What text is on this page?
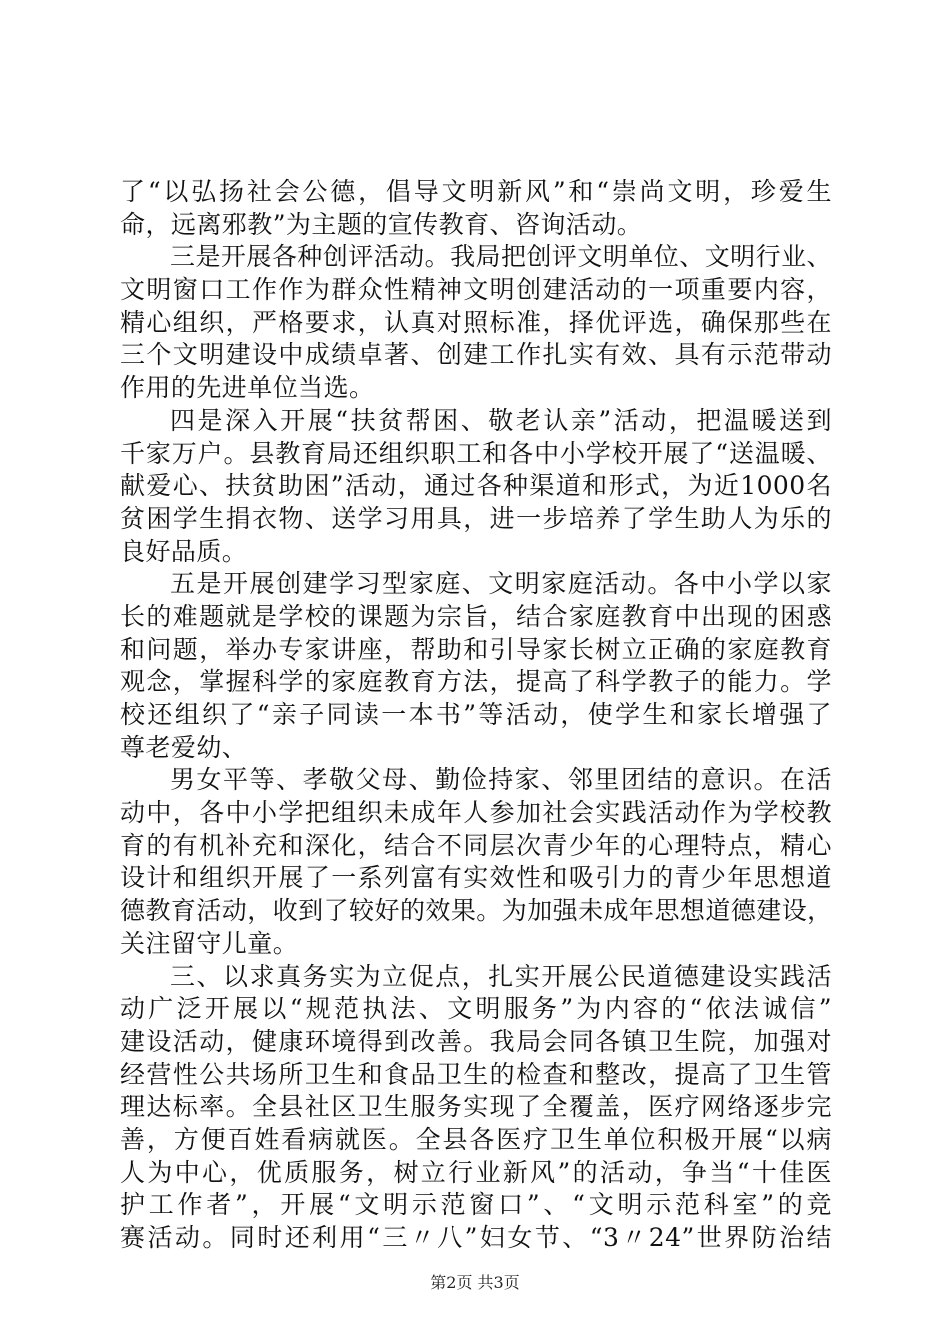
了“以弘扬社会公德，倡导文明新风”和“崇尚文明，珍爱生
命，远离邪教”为主题的宣传教育、咨询活动。
三是开展各种创评活动。我局把创评文明单位、文明行业、
文明窗口工作作为群众性精神文明创建活动的一项重要内容，
精心组织，严格要求，认真对照标准，择优评选，确保那些在
三个文明建设中成绩卓著、创建工作扎实有效、具有示范带动
作用的先进单位当选。
四是深入开展“扶贫帮困、敬老认亲”活动，把温暖送到
千家万户。县教育局还组织职工和各中小学校开展了“送温暖、
献爱心、扶贫助困”活动，通过各种渠道和形式，为近1000名
贫困学生捐衣物、送学习用具，进一步培养了学生助人为乐的
良好品质。
五是开展创建学习型家庭、文明家庭活动。各中小学以家
长的难题就是学校的课题为宗旨，结合家庭教育中出现的困惑
和问题，举办专家讲座，帮助和引导家长树立正确的家庭教育
观念，掌握科学的家庭教育方法，提高了科学教子的能力。学
校还组织了“亲子同读一本书”等活动，使学生和家长增强了
尊老爱幼、
男女平等、孝敬父母、勤俭持家、邻里团结的意识。在活
动中，各中小学把组织未成年人参加社会实践活动作为学校教
育的有机补充和深化，结合不同层次青少年的心理特点，精心
设计和组织开展了一系列富有实效性和吸引力的青少年思想道
德教育活动，收到了较好的效果。为加强未成年思想道德建设，
关注留守儿童。
三、以求真务实为立促点，扎实开展公民道德建设实践活
动广泛开展以“规范执法、文明服务”为内容的“依法诚信”
建设活动，健康环境得到改善。我局会同各镇卫生院，加强对
经营性公共场所卫生和食品卫生的检查和整改，提高了卫生管
理达标率。全县社区卫生服务实现了全覆盖，医疗网络逐步完
善，方便百姓看病就医。全县各医疗卫生单位积极开展“以病
人为中心，优质服务，树立行业新风”的活动，争当“十佳医
护工作者”，开展“文明示范窗口”、“文明示范科室”的竞
赛活动。同时还利用“三〃八”妇女节、“3〃24”世界防治结
第2页 共3页
